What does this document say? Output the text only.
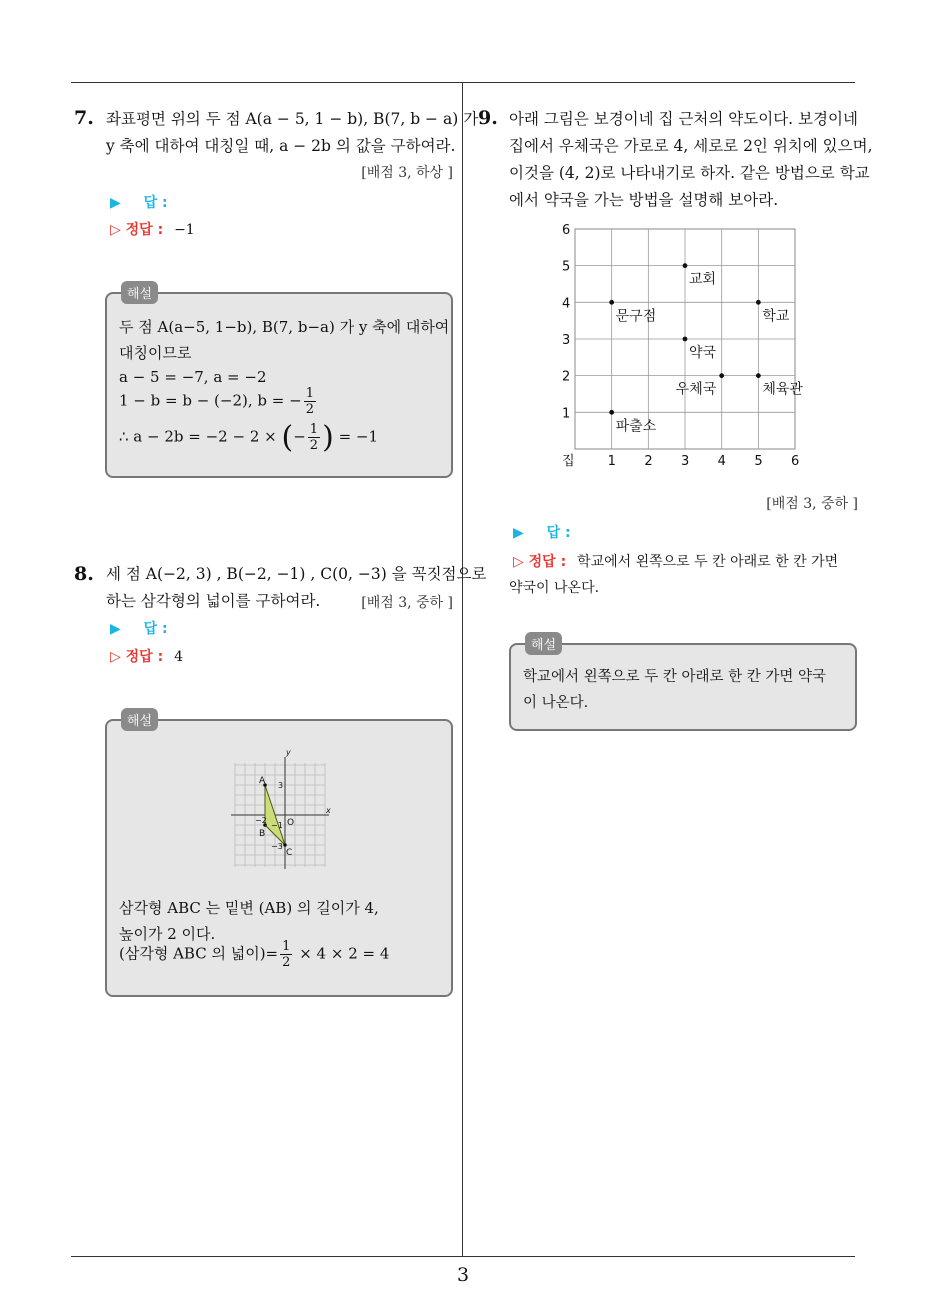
3
7. 좌표평면 위의 두 점 A(a − 5, 1 − b), B(7, b − a) 가
y 축에 대하여 대칭일 때, a − 2b 의 값을 구하여라.
[배점 3, 하상 ]
▶ 답 :
▷ 정답 : −1
해설
두 점 A(a−5, 1−b), B(7, b−a) 가 y 축에 대하여
대칭이므로
a − 5 = −7, a = −2
1 − b = b − (−2), b = − $\frac{1}{2}$
∴ a − 2b = −2 − 2 × (− $\frac{1}{2}$ ) = −1
8. 세 점 A(−2, 3) , B(−2, −1) , C(0, −3) 을 꼭짓점으로
하는 삼각형의 넓이를 구하여라.	[배점 3, 중하 ]
▶ 답 :
▷ 정답 : 4
해설
A
B
C
O
x
y
3
−1
−3
−2
삼각형 ABC 는 밑변 (AB) 의 길이가 4,
높이가 2 이다.
(삼각형 ABC 의 넓이)= $\frac{1}{2} \times 4 \times 2 = 4$
9. 아래 그림은 보경이네 집 근처의 약도이다. 보경이네
집에서 우체국은 가로로 4, 세로로 2인 위치에 있으며,
이것을 (4, 2)로 나타내기로 하자. 같은 방법으로 학교
에서 약국을 가는 방법을 설명해 보아라.
1 2 3 4 5 6
1
2
3
4
5
6
집
교회
문구점	학교
약국
우체국	체육관
파출소
[배점 3, 중하 ]
▶ 답 :
▷ 정답 : 학교에서 왼쪽으로 두 칸 아래로 한 칸 가면
약국이 나온다.
해설
학교에서 왼쪽으로 두 칸 아래로 한 칸 가면 약국
이 나온다.
